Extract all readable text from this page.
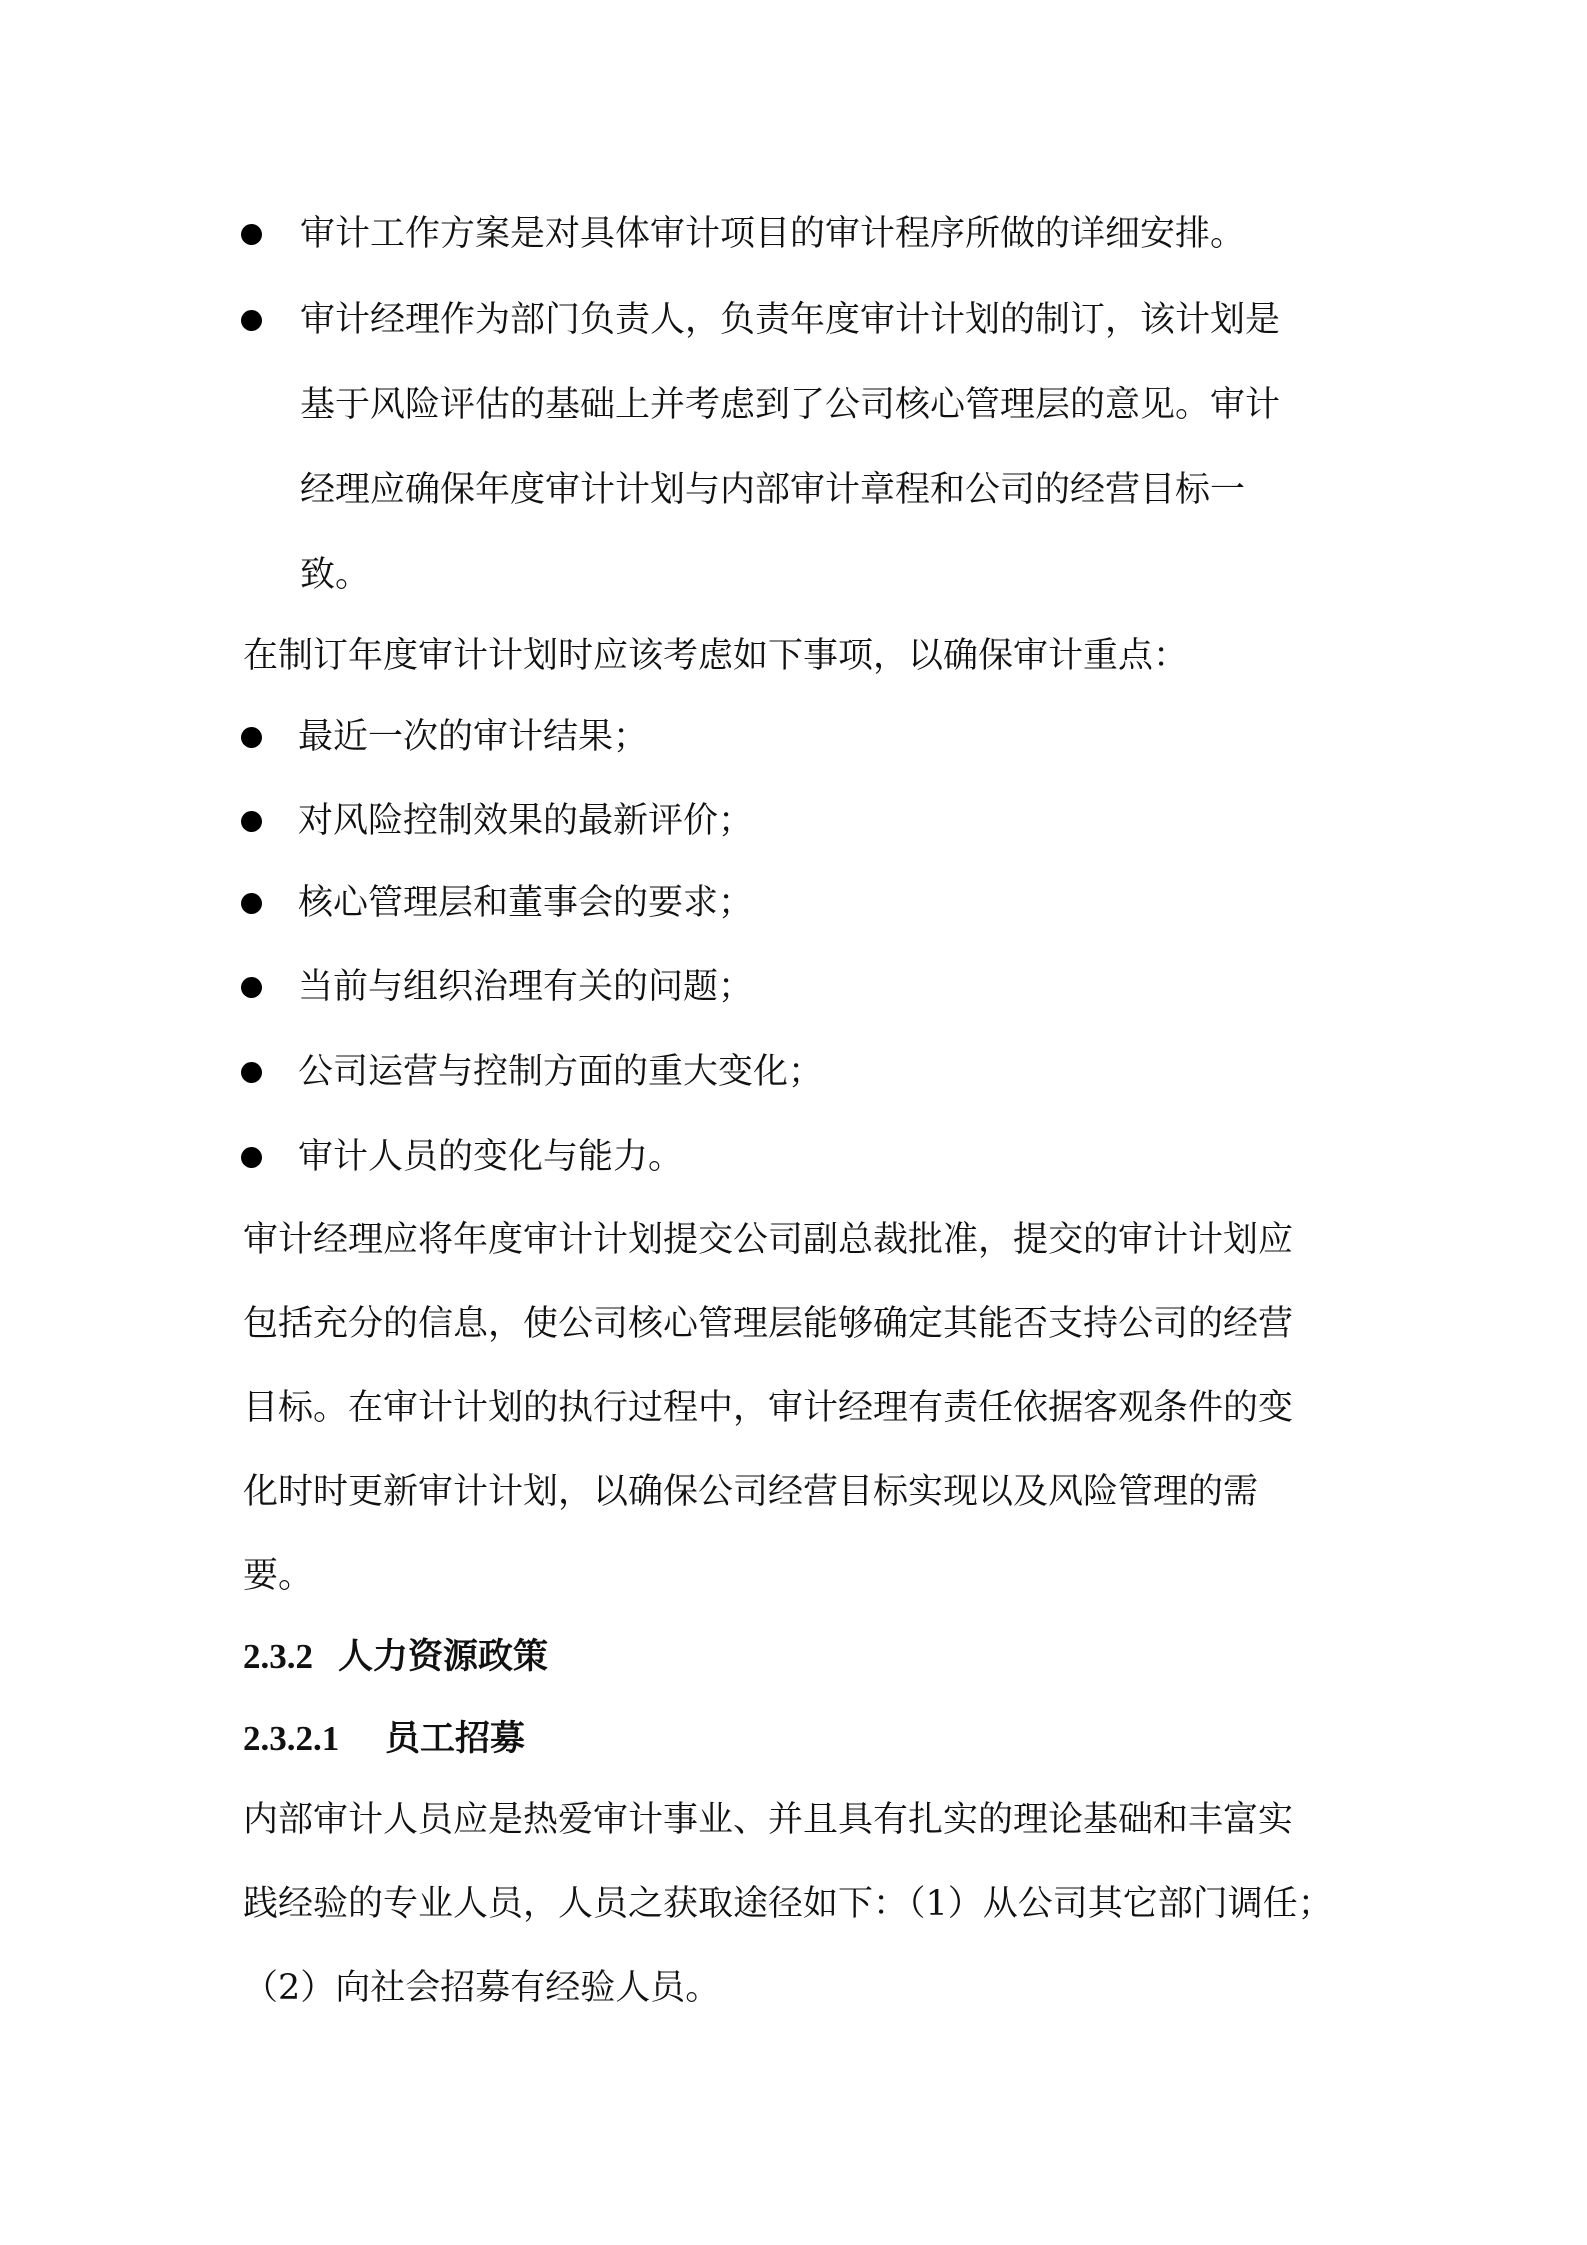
审计工作方案是对具体审计项目的审计程序所做的详细安排。
审计经理作为部门负责人，负责年度审计计划的制订，该计划是
基于风险评估的基础上并考虑到了公司核心管理层的意见。审计
经理应确保年度审计计划与内部审计章程和公司的经营目标一
致。
在制订年度审计计划时应该考虑如下事项，以确保审计重点：
最近一次的审计结果；
对风险控制效果的最新评价；
核心管理层和董事会的要求；
当前与组织治理有关的问题；
公司运营与控制方面的重大变化；
审计人员的变化与能力。
审计经理应将年度审计计划提交公司副总裁批准，提交的审计计划应
包括充分的信息，使公司核心管理层能够确定其能否支持公司的经营
目标。在审计计划的执行过程中，审计经理有责任依据客观条件的变
化时时更新审计计划，以确保公司经营目标实现以及风险管理的需
要。
2.3.2 人力资源政策
2.3.2.1 员工招募
内部审计人员应是热爱审计事业、并且具有扎实的理论基础和丰富实
践经验的专业人员，人员之获取途径如下：（1）从公司其它部门调任；
（2）向社会招募有经验人员。
